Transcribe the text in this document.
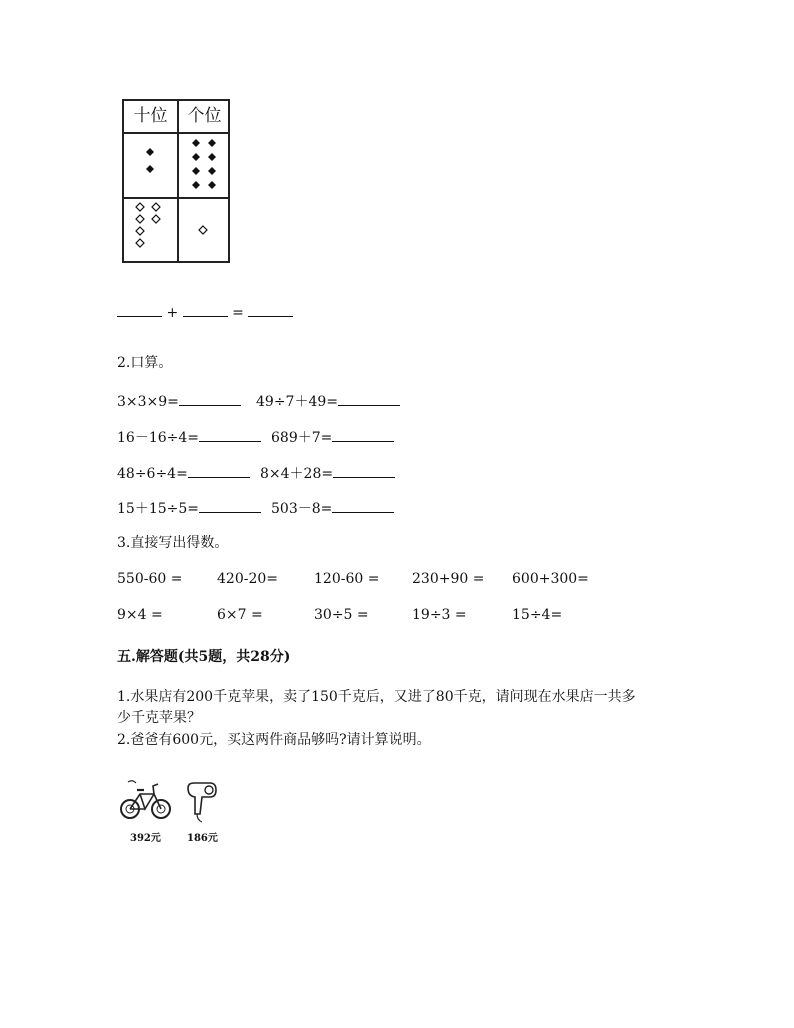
十位	个位
+	=
2.口算。
3×3×9=	49÷7＋49=
16－16÷4=	689＋7=
48÷6÷4=	8×4＋28=
15＋15÷5=	503－8=
3.直接写出得数。
550-60 = 420-20=	120-60 = 230+90 = 600+300=
9×4 =	6×7 =	30÷5 =	19÷3 =	15÷4=
五.解答题(共5题，共28分)
1.水果店有200千克苹果，卖了150千克后，又进了80千克，请问现在水果店一共多
少千克苹果？
2.爸爸有600元，买这两件商品够吗?请计算说明。
392元	186元
